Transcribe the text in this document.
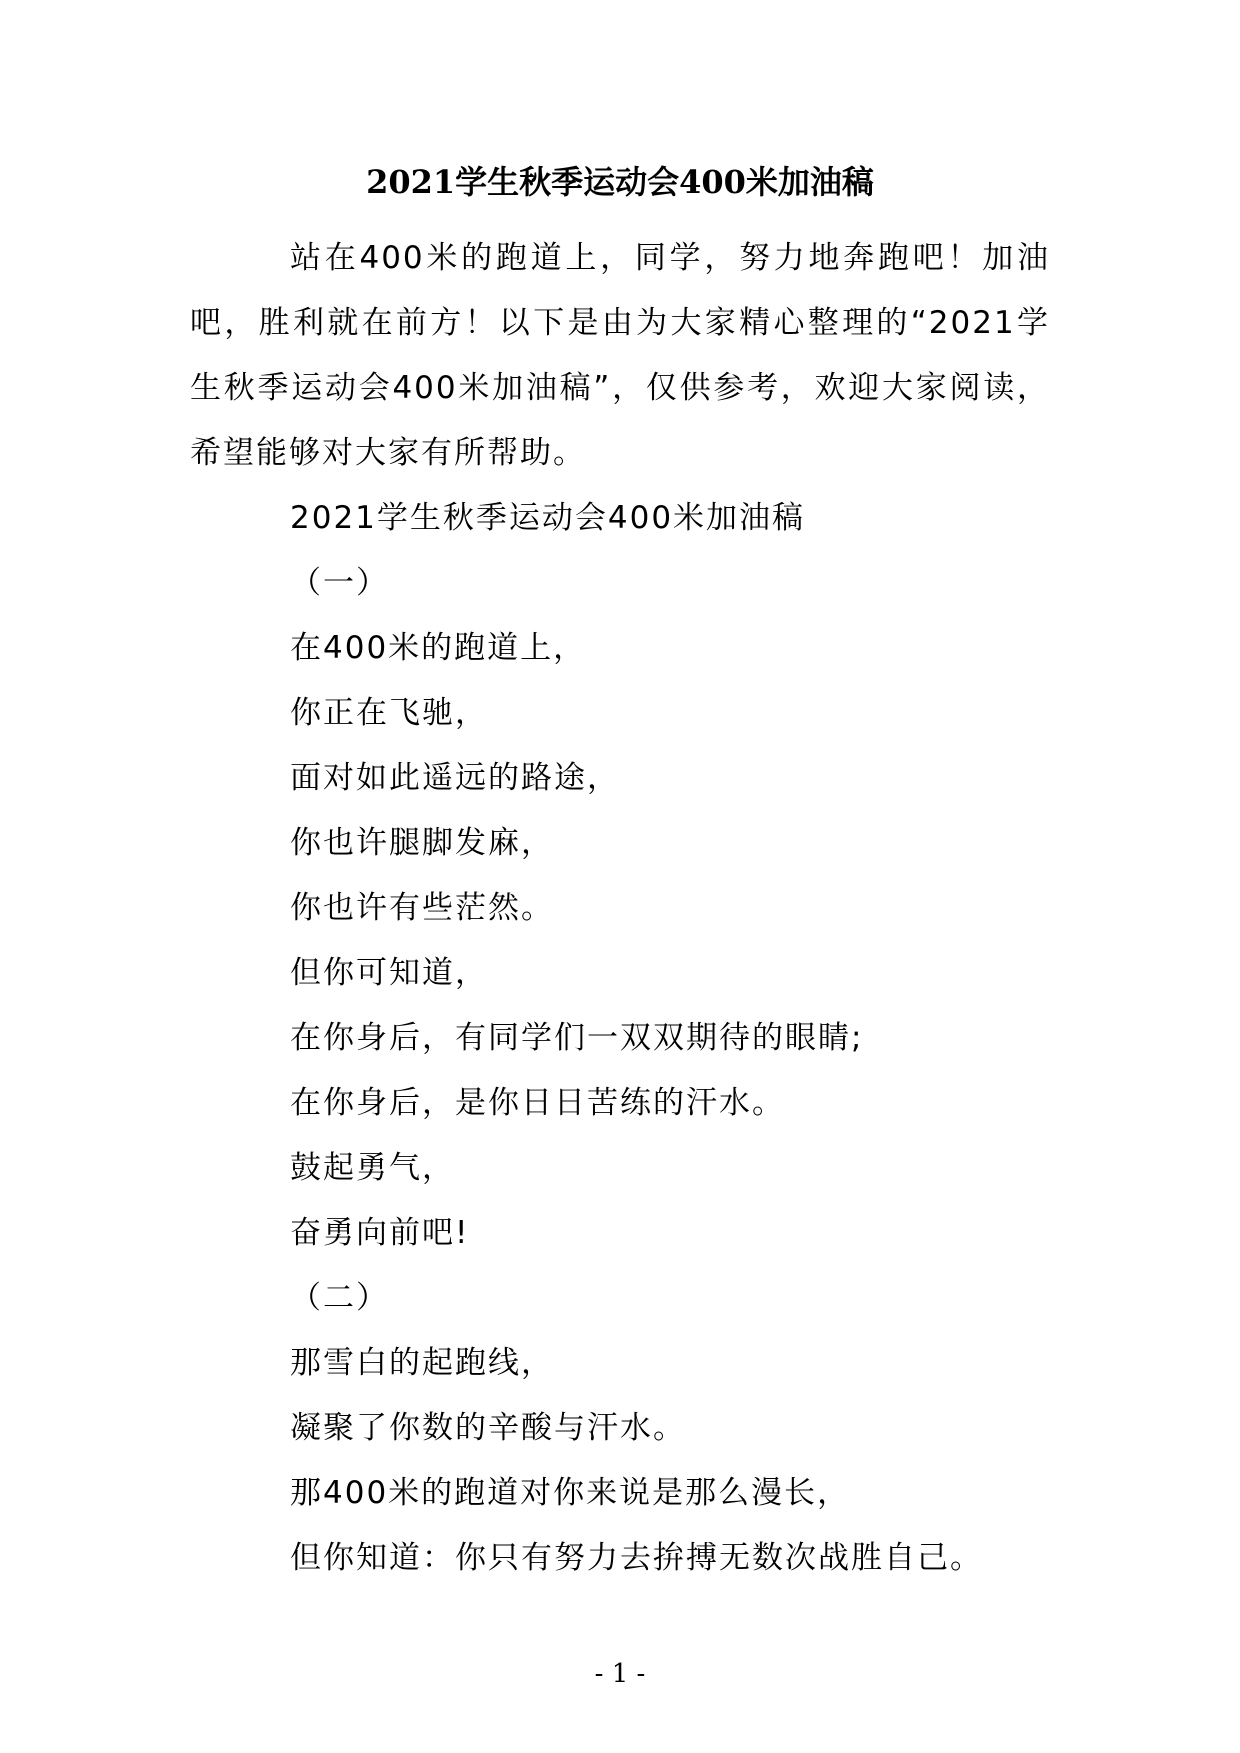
2021学生秋季运动会400米加油稿

站在400米的跑道上，同学，努力地奔跑吧！加油吧，胜利就在前方！以下是由为大家精心整理的“2021学生秋季运动会400米加油稿”，仅供参考，欢迎大家阅读，希望能够对大家有所帮助。

2021学生秋季运动会400米加油稿
（一）
在400米的跑道上，
你正在飞驰，
面对如此遥远的路途，
你也许腿脚发麻，
你也许有些茫然。
但你可知道，
在你身后，有同学们一双双期待的眼睛;
在你身后，是你日日苦练的汗水。
鼓起勇气，
奋勇向前吧!
（二）
那雪白的起跑线，
凝聚了你数的辛酸与汗水。
那400米的跑道对你来说是那么漫长，
但你知道：你只有努力去拚搏无数次战胜自己。
- 1 -
